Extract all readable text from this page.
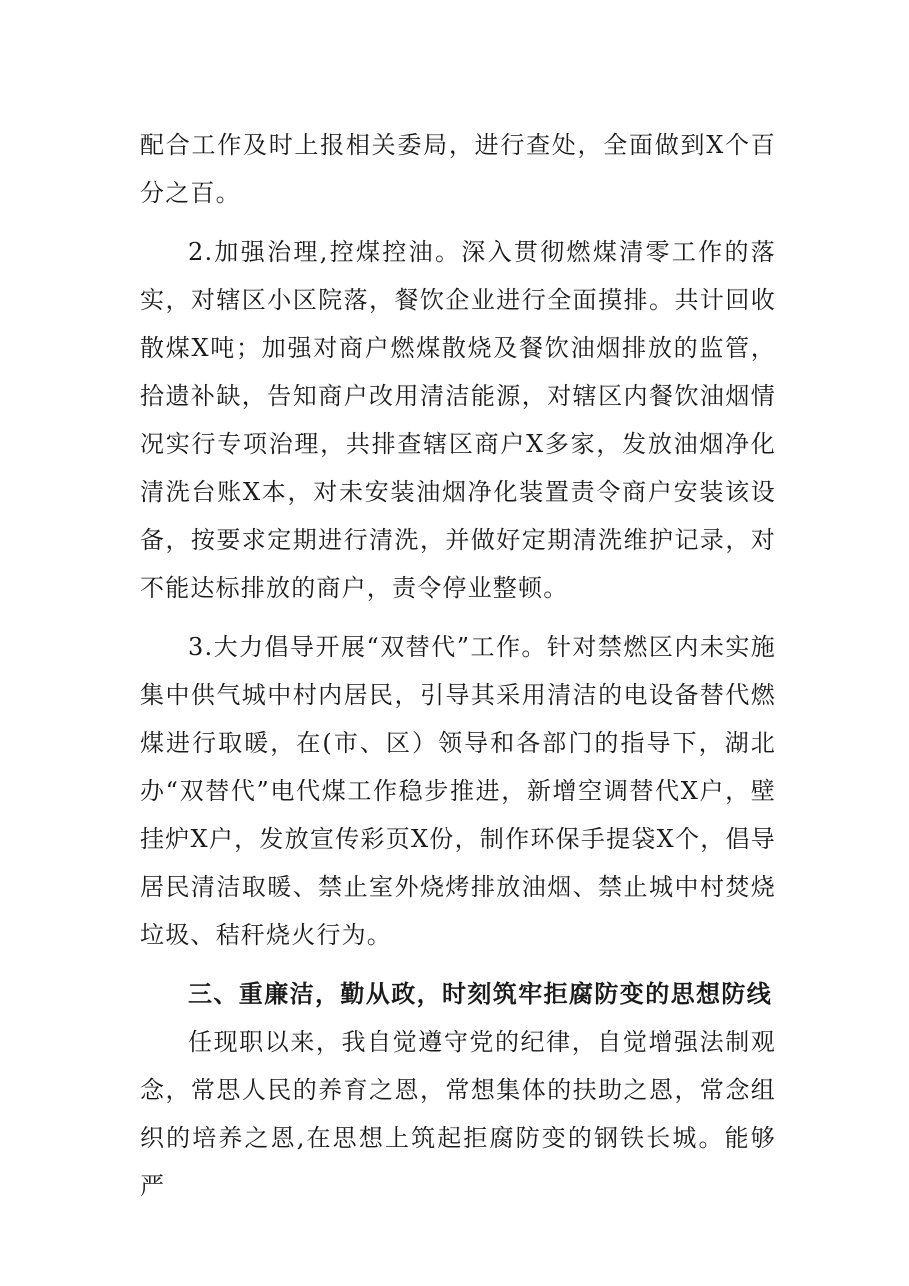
配合工作及时上报相关委局，进行查处，全面做到X个百分之百。

2.加强治理,控煤控油。深入贯彻燃煤清零工作的落实，对辖区小区院落，餐饮企业进行全面摸排。共计回收散煤X吨；加强对商户燃煤散烧及餐饮油烟排放的监管，拾遗补缺，告知商户改用清洁能源，对辖区内餐饮油烟情况实行专项治理，共排查辖区商户X多家，发放油烟净化清洗台账X本，对未安装油烟净化装置责令商户安装该设备，按要求定期进行清洗，并做好定期清洗维护记录，对不能达标排放的商户，责令停业整顿。

3.大力倡导开展“双替代”工作。针对禁燃区内未实施集中供气城中村内居民，引导其采用清洁的电设备替代燃煤进行取暖，在(市、区）领导和各部门的指导下，湖北办“双替代”电代煤工作稳步推进，新增空调替代X户，壁挂炉X户，发放宣传彩页X份，制作环保手提袋X个，倡导居民清洁取暖、禁止室外烧烤排放油烟、禁止城中村焚烧垃圾、秸秆烧火行为。

三、重廉洁，勤从政，时刻筑牢拒腐防变的思想防线

任现职以来，我自觉遵守党的纪律，自觉增强法制观念，常思人民的养育之恩，常想集体的扶助之恩，常念组织的培养之恩,在思想上筑起拒腐防变的钢铁长城。能够严
